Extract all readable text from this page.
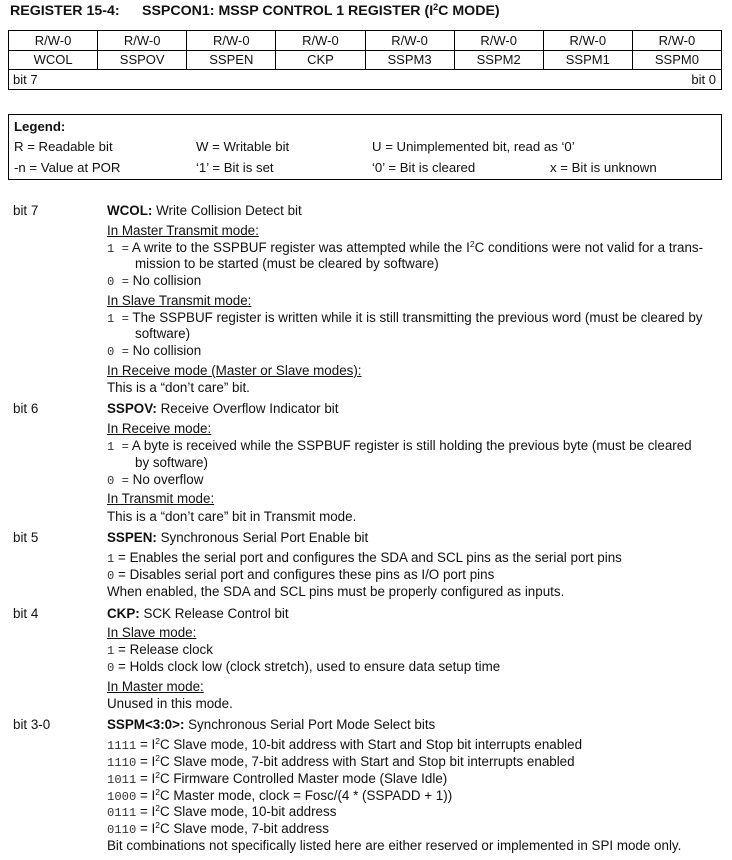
REGISTER 15-4: SSPCON1: MSSP CONTROL 1 REGISTER ($I^2C$ MODE)
R/W-0	R/W-0	R/W-0	R/W-0	R/W-0	R/W-0	R/W-0	R/W-0

WCOL	SSPOV	SSPEN	CKP	SSPM3	SSPM2	SSPM1	SSPM0

bit 7 bit 0							
Legend:
R = Readable bit	W = Writable bit	U = Unimplemented bit, read as ‘0’
-n = Value at POR	‘1’ = Bit is set	‘0’ = Bit is cleared	x = Bit is unknown
bit 7	WCOL: Write Collision Detect bit
In Master Transmit mode:
1 = A write to the SSPBUF register was attempted while the $I^2C$ conditions were not valid for a trans-
mission to be started (must be cleared by software)
0 = No collision
In Slave Transmit mode:
1 = The SSPBUF register is written while it is still transmitting the previous word (must be cleared by
software)
0 = No collision
In Receive mode (Master or Slave modes):
This is a “don’t care” bit.
bit 6	SSPOV: Receive Overflow Indicator bit
In Receive mode:
1 = A byte is received while the SSPBUF register is still holding the previous byte (must be cleared
by software)
0 = No overflow
In Transmit mode:
This is a “don’t care” bit in Transmit mode.
bit 5	SSPEN: Synchronous Serial Port Enable bit
1 = Enables the serial port and configures the SDA and SCL pins as the serial port pins
0 = Disables serial port and configures these pins as I/O port pins
When enabled, the SDA and SCL pins must be properly configured as inputs.
bit 4	CKP: SCK Release Control bit
In Slave mode:
1 = Release clock
0 = Holds clock low (clock stretch), used to ensure data setup time
In Master mode:
Unused in this mode.
bit 3-0	SSPM<3:0>: Synchronous Serial Port Mode Select bits
$1111 = I^2C$ Slave mode, 10-bit address with Start and Stop bit interrupts enabled
$1110 = I^2C$ Slave mode, 7-bit address with Start and Stop bit interrupts enabled
$1011 = I^2C$ Firmware Controlled Master mode (Slave Idle)
$1000 = I^2C$ Master mode, clock = Fosc/(4 * (SSPADD + 1))
$0111 = I^2C$ Slave mode, 10-bit address
$0110 = I^2C$ Slave mode, 7-bit address
Bit combinations not specifically listed here are either reserved or implemented in SPI mode only.
